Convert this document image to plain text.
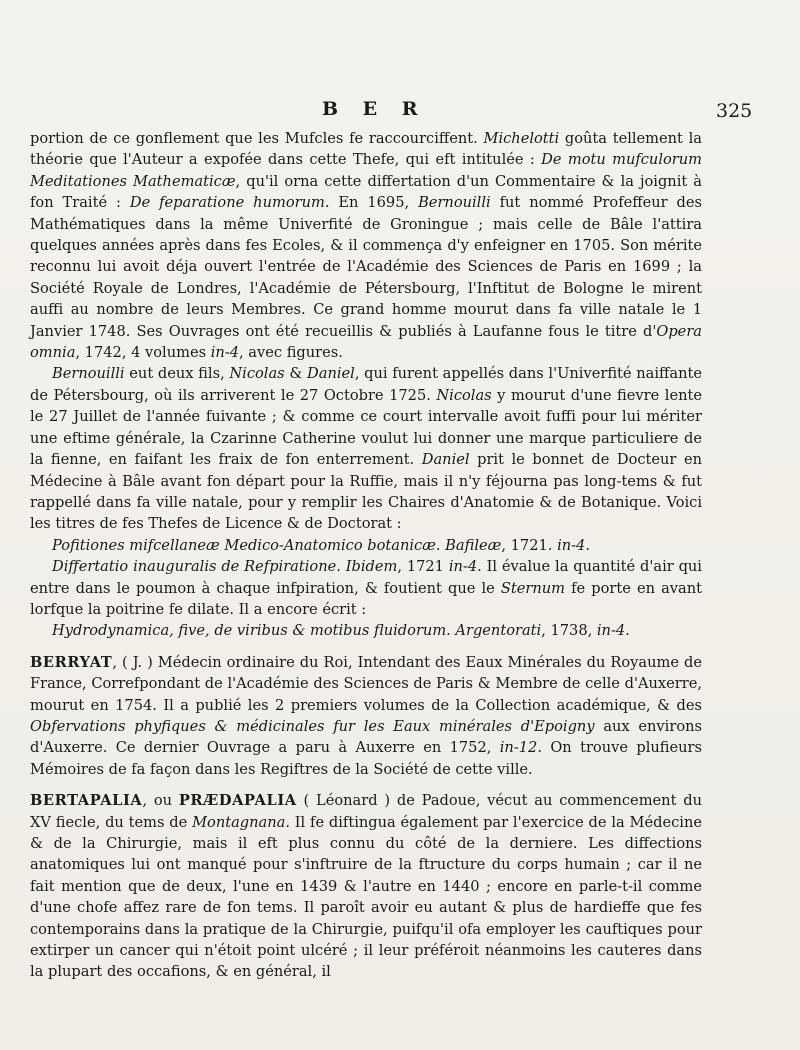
B E R	325

portion de ce gonflement que les Mufcles fe raccourciffent. Michelotti goûta tellement la théorie que l'Auteur a expofée dans cette Thefe, qui eft intitulée : De motu mufculorum Meditationes Mathematicæ, qu'il orna cette differtation d'un Commentaire & la joignit à fon Traité : De feparatione humorum. En 1695, Bernouilli fut nommé Profeffeur des Mathématiques dans la même Univerfité de Groningue ; mais celle de Bâle l'attira quelques années après dans fes Ecoles, & il commença d'y enfeigner en 1705. Son mérite reconnu lui avoit déja ouvert l'entrée de l'Académie des Sciences de Paris en 1699 ; la Société Royale de Londres, l'Académie de Pétersbourg, l'Inftitut de Bologne le mirent auffi au nombre de leurs Membres. Ce grand homme mourut dans fa ville natale le 1 Janvier 1748. Ses Ouvrages ont été recueillis & publiés à Laufanne fous le titre d'Opera omnia, 1742, 4 volumes in-4, avec figures.

Bernouilli eut deux fils, Nicolas & Daniel, qui furent appellés dans l'Univerfité naiffante de Pétersbourg, où ils arriverent le 27 Octobre 1725. Nicolas y mourut d'une fievre lente le 27 Juillet de l'année fuivante ; & comme ce court intervalle avoit fuffi pour lui mériter une eftime générale, la Czarinne Catherine voulut lui donner une marque particuliere de la fienne, en faifant les fraix de fon enterrement. Daniel prit le bonnet de Docteur en Médecine à Bâle avant fon départ pour la Ruffie, mais il n'y féjourna pas long-tems & fut rappellé dans fa ville natale, pour y remplir les Chaires d'Anatomie & de Botanique. Voici les titres de fes Thefes de Licence & de Doctorat :

Pofitiones mifcellaneæ Medico-Anatomico botanicæ. Bafileæ, 1721. in-4.

Differtatio inauguralis de Refpiratione. Ibidem, 1721 in-4. Il évalue la quantité d'air qui entre dans le poumon à chaque infpiration, & foutient que le Sternum fe porte en avant lorfque la poitrine fe dilate. Il a encore écrit :

Hydrodynamica, five, de viribus & motibus fluidorum. Argentorati, 1738, in-4.

BERRYAT, ( J. ) Médecin ordinaire du Roi, Intendant des Eaux Minérales du Royaume de France, Correfpondant de l'Académie des Sciences de Paris & Membre de celle d'Auxerre, mourut en 1754. Il a publié les 2 premiers volumes de la Collection académique, & des Obfervations phyfiques & médicinales fur les Eaux minérales d'Epoigny aux environs d'Auxerre. Ce dernier Ouvrage a paru à Auxerre en 1752, in-12. On trouve plufieurs Mémoires de fa façon dans les Regiftres de la Société de cette ville.

BERTAPALIA, ou PRÆDAPALIA ( Léonard ) de Padoue, vécut au commencement du XV fiecle, du tems de Montagnana. Il fe diftingua également par l'exercice de la Médecine & de la Chirurgie, mais il eft plus connu du côté de la derniere. Les diffections anatomiques lui ont manqué pour s'inftruire de la ftructure du corps humain ; car il ne fait mention que de deux, l'une en 1439 & l'autre en 1440 ; encore en parle-t-il comme d'une chofe affez rare de fon tems. Il paroît avoir eu autant & plus de hardieffe que fes contemporains dans la pratique de la Chirurgie, puifqu'il ofa employer les cauftiques pour extirper un cancer qui n'étoit point ulcéré ; il leur préféroit néanmoins les cauteres dans la plupart des occafions, & en général, il
